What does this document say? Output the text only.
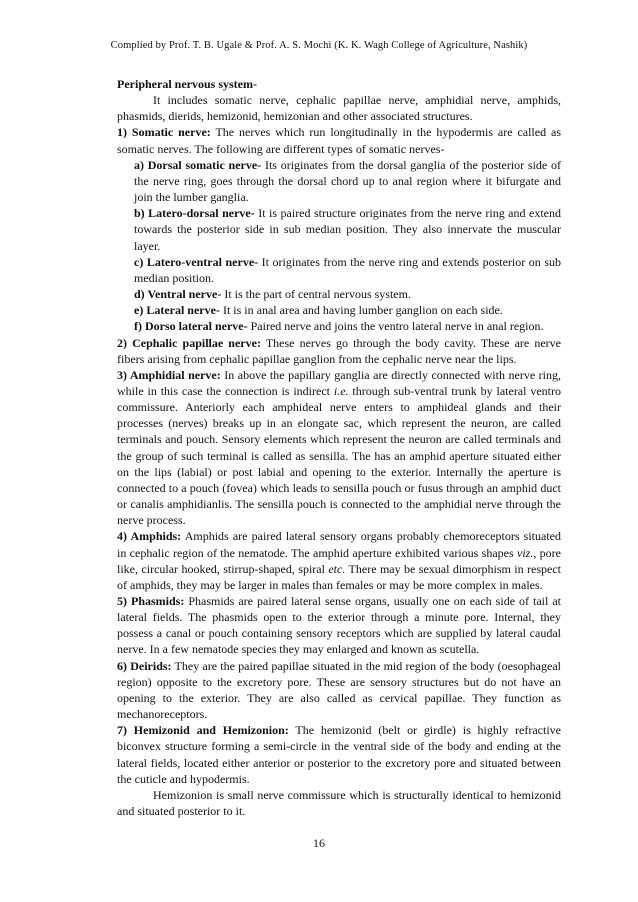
Complied by Prof. T. B. Ugale & Prof. A. S. Mochi (K. K. Wagh College of Agriculture, Nashik)

Peripheral nervous system-

It includes somatic nerve, cephalic papillae nerve, amphidial nerve, amphids, phasmids, dierids, hemizonid, hemizonian and other associated structures.

1) Somatic nerve: The nerves which run longitudinally in the hypodermis are called as somatic nerves. The following are different types of somatic nerves-

a) Dorsal somatic nerve- Its originates from the dorsal ganglia of the posterior side of the nerve ring, goes through the dorsal chord up to anal region where it bifurgate and join the lumber ganglia.

b) Latero-dorsal nerve- It is paired structure originates from the nerve ring and extend towards the posterior side in sub median position. They also innervate the muscular layer.

c) Latero-ventral nerve- It originates from the nerve ring and extends posterior on sub median position.

d) Ventral nerve- It is the part of central nervous system.

e) Lateral nerve- It is in anal area and having lumber ganglion on each side.

f) Dorso lateral nerve- Paired nerve and joins the ventro lateral nerve in anal region.

2) Cephalic papillae nerve: These nerves go through the body cavity. These are nerve fibers arising from cephalic papillae ganglion from the cephalic nerve near the lips.

3) Amphidial nerve: In above the papillary ganglia are directly connected with nerve ring, while in this case the connection is indirect i.e. through sub-ventral trunk by lateral ventro commissure. Anteriorly each amphideal nerve enters to amphideal glands and their processes (nerves) breaks up in an elongate sac, which represent the neuron, are called terminals and pouch. Sensory elements which represent the neuron are called terminals and the group of such terminal is called as sensilla. The has an amphid aperture situated either on the lips (labial) or post labial and opening to the exterior. Internally the aperture is connected to a pouch (fovea) which leads to sensilla pouch or fusus through an amphid duct or canalis amphidianlis. The sensilla pouch is connected to the amphidial nerve through the nerve process.

4) Amphids: Amphids are paired lateral sensory organs probably chemoreceptors situated in cephalic region of the nematode. The amphid aperture exhibited various shapes viz., pore like, circular hooked, stirrup-shaped, spiral etc. There may be sexual dimorphism in respect of amphids, they may be larger in males than females or may be more complex in males.

5) Phasmids: Phasmids are paired lateral sense organs, usually one on each side of tail at lateral fields. The phasmids open to the exterior through a minute pore. Internal, they possess a canal or pouch containing sensory receptors which are supplied by lateral caudal nerve. In a few nematode species they may enlarged and known as scutella.

6) Deirids: They are the paired papillae situated in the mid region of the body (oesophageal region) opposite to the excretory pore. These are sensory structures but do not have an opening to the exterior. They are also called as cervical papillae. They function as mechanoreceptors.

7) Hemizonid and Hemizonion: The hemizonid (belt or girdle) is highly refractive biconvex structure forming a semi-circle in the ventral side of the body and ending at the lateral fields, located either anterior or posterior to the excretory pore and situated between the cuticle and hypodermis.

Hemizonion is small nerve commissure which is structurally identical to hemizonid and situated posterior to it.

16
